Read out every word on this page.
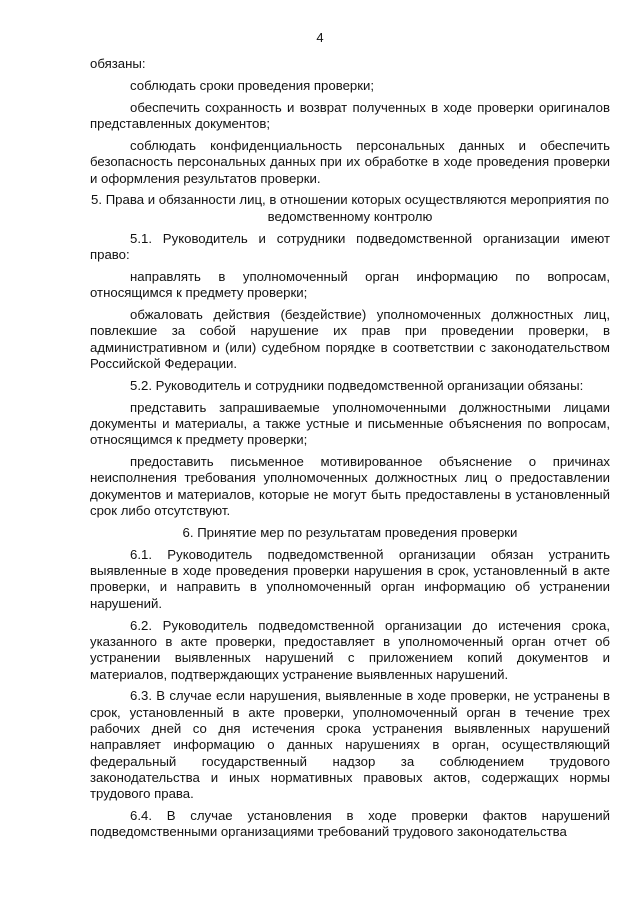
4

обязаны:

соблюдать сроки проведения проверки;

обеспечить сохранность и возврат полученных в ходе проверки оригиналов представленных документов;

соблюдать конфиденциальность персональных данных и обеспечить безопасность персональных данных при их обработке в ходе проведения проверки и оформления результатов проверки.

5. Права и обязанности лиц, в отношении которых осуществляются мероприятия по ведомственному контролю

5.1. Руководитель и сотрудники подведомственной организации имеют право:

направлять в уполномоченный орган информацию по вопросам, относящимся к предмету проверки;

обжаловать действия (бездействие) уполномоченных должностных лиц, повлекшие за собой нарушение их прав при проведении проверки, в административном и (или) судебном порядке в соответствии с законодательством Российской Федерации.

5.2. Руководитель и сотрудники подведомственной организации обязаны:

представить запрашиваемые уполномоченными должностными лицами документы и материалы, а также устные и письменные объяснения по вопросам, относящимся к предмету проверки;

предоставить письменное мотивированное объяснение о причинах неисполнения требования уполномоченных должностных лиц о предоставлении документов и материалов, которые не могут быть предоставлены в установленный срок либо отсутствуют.

6. Принятие мер по результатам проведения проверки

6.1. Руководитель подведомственной организации обязан устранить выявленные в ходе проведения проверки нарушения в срок, установленный в акте проверки, и направить в уполномоченный орган информацию об устранении нарушений.

6.2. Руководитель подведомственной организации до истечения срока, указанного в акте проверки, предоставляет в уполномоченный орган отчет об устранении выявленных нарушений с приложением копий документов и материалов, подтверждающих устранение выявленных нарушений.

6.3. В случае если нарушения, выявленные в ходе проверки, не устранены в срок, установленный в акте проверки, уполномоченный орган в течение трех рабочих дней со дня истечения срока устранения выявленных нарушений направляет информацию о данных нарушениях в орган, осуществляющий федеральный государственный надзор за соблюдением трудового законодательства и иных нормативных правовых актов, содержащих нормы трудового права.

6.4. В случае установления в ходе проверки фактов нарушений подведомственными организациями требований трудового законодательства
